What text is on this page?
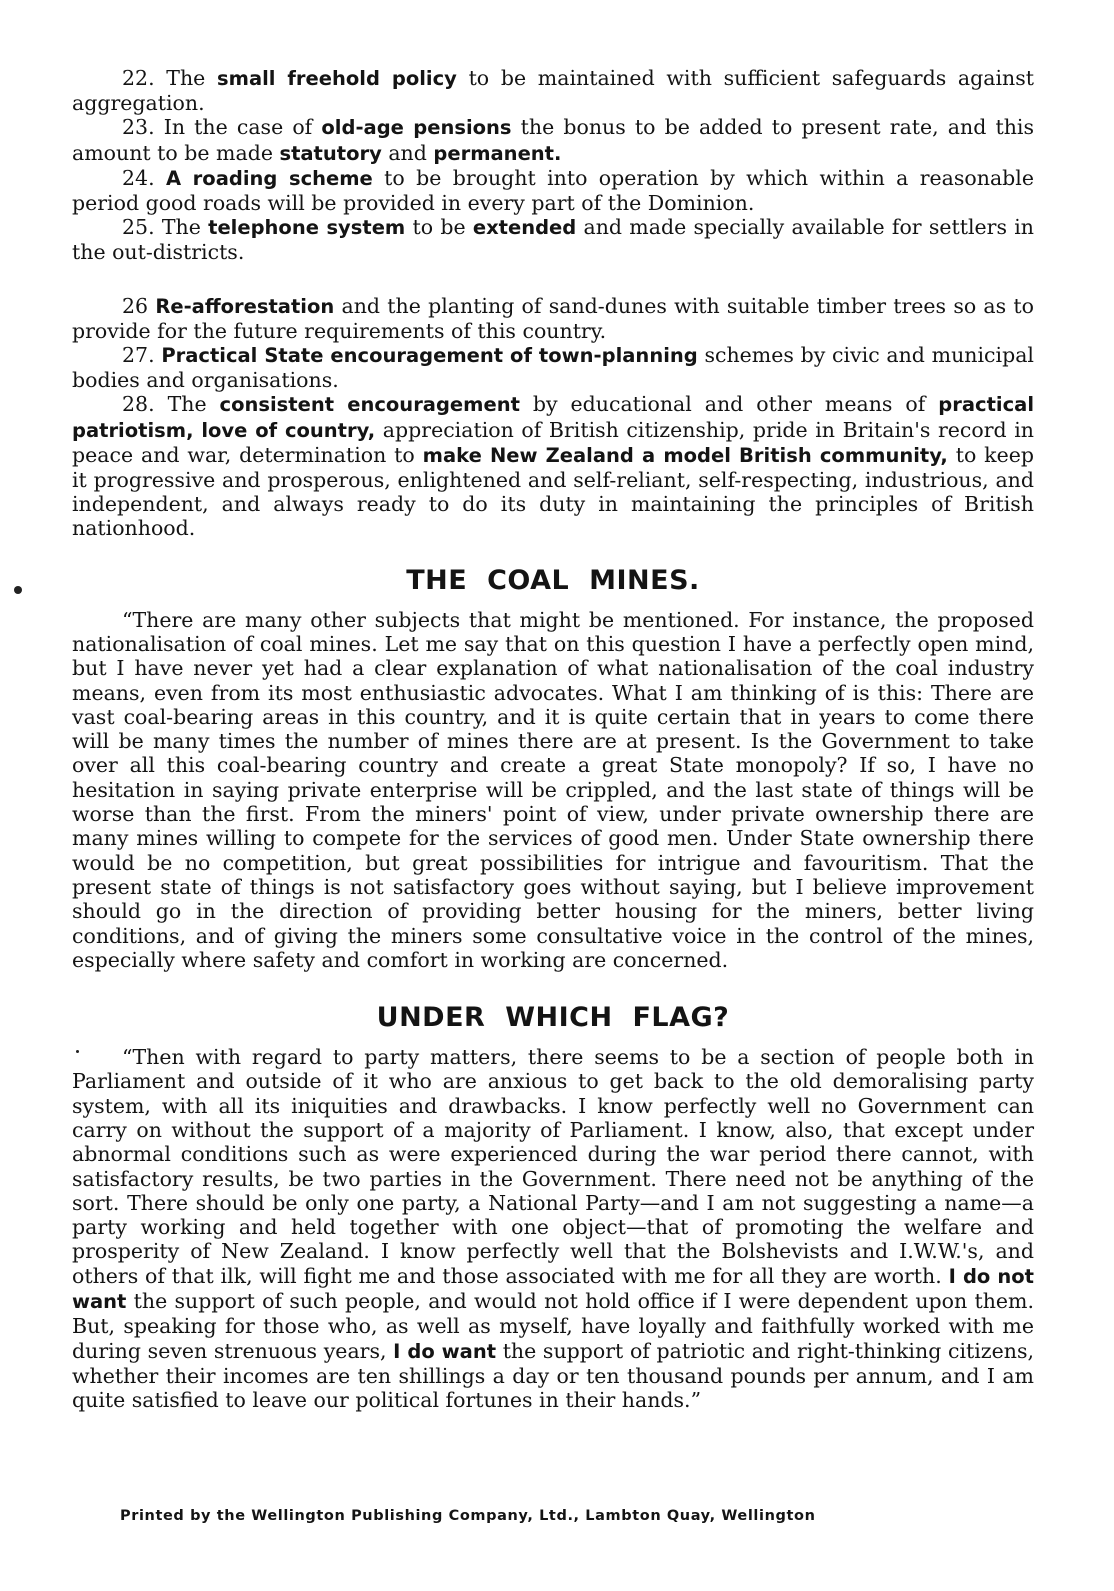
22. The small freehold policy to be maintained with sufficient safeguards against aggregation.

23. In the case of old-age pensions the bonus to be added to present rate, and this amount to be made statutory and permanent.

24. A roading scheme to be brought into operation by which within a reasonable period good roads will be provided in every part of the Dominion.

25. The telephone system to be extended and made specially available for settlers in the out-districts.

26 Re-afforestation and the planting of sand-dunes with suitable timber trees so as to provide for the future requirements of this country.

27. Practical State encouragement of town-planning schemes by civic and municipal bodies and organisations.

28. The consistent encouragement by educational and other means of practical patriotism, love of country, appreciation of British citizenship, pride in Britain's record in peace and war, determination to make New Zealand a model British community, to keep it progressive and prosperous, enlightened and self-reliant, self-respecting, industrious, and independent, and always ready to do its duty in maintaining the principles of British nationhood.

THE COAL MINES.

“There are many other subjects that might be mentioned. For instance, the proposed nationalisation of coal mines. Let me say that on this question I have a perfectly open mind, but I have never yet had a clear explanation of what nationalisation of the coal industry means, even from its most enthusiastic advocates. What I am thinking of is this: There are vast coal-bearing areas in this country, and it is quite certain that in years to come there will be many times the number of mines there are at present. Is the Government to take over all this coal-bearing country and create a great State monopoly? If so, I have no hesitation in saying private enterprise will be crippled, and the last state of things will be worse than the first. From the miners' point of view, under private ownership there are many mines willing to compete for the services of good men. Under State ownership there would be no competition, but great possibilities for intrigue and favouritism. That the present state of things is not satisfactory goes without saying, but I believe improvement should go in the direction of providing better housing for the miners, better living conditions, and of giving the miners some consultative voice in the control of the mines, especially where safety and comfort in working are concerned.

UNDER WHICH FLAG?

“Then with regard to party matters, there seems to be a section of people both in Parliament and outside of it who are anxious to get back to the old demoralising party system, with all its iniquities and drawbacks. I know perfectly well no Government can carry on without the support of a majority of Parliament. I know, also, that except under abnormal conditions such as were experienced during the war period there cannot, with satisfactory results, be two parties in the Government. There need not be anything of the sort. There should be only one party, a National Party—and I am not suggesting a name—a party working and held together with one object—that of promoting the welfare and prosperity of New Zealand. I know perfectly well that the Bolshevists and I.W.W.'s, and others of that ilk, will fight me and those associated with me for all they are worth. I do not want the support of such people, and would not hold office if I were dependent upon them. But, speaking for those who, as well as myself, have loyally and faithfully worked with me during seven strenuous years, I do want the support of patriotic and right-thinking citizens, whether their incomes are ten shillings a day or ten thousand pounds per annum, and I am quite satisfied to leave our political fortunes in their hands.”

Printed by the Wellington Publishing Company, Ltd., Lambton Quay, Wellington
